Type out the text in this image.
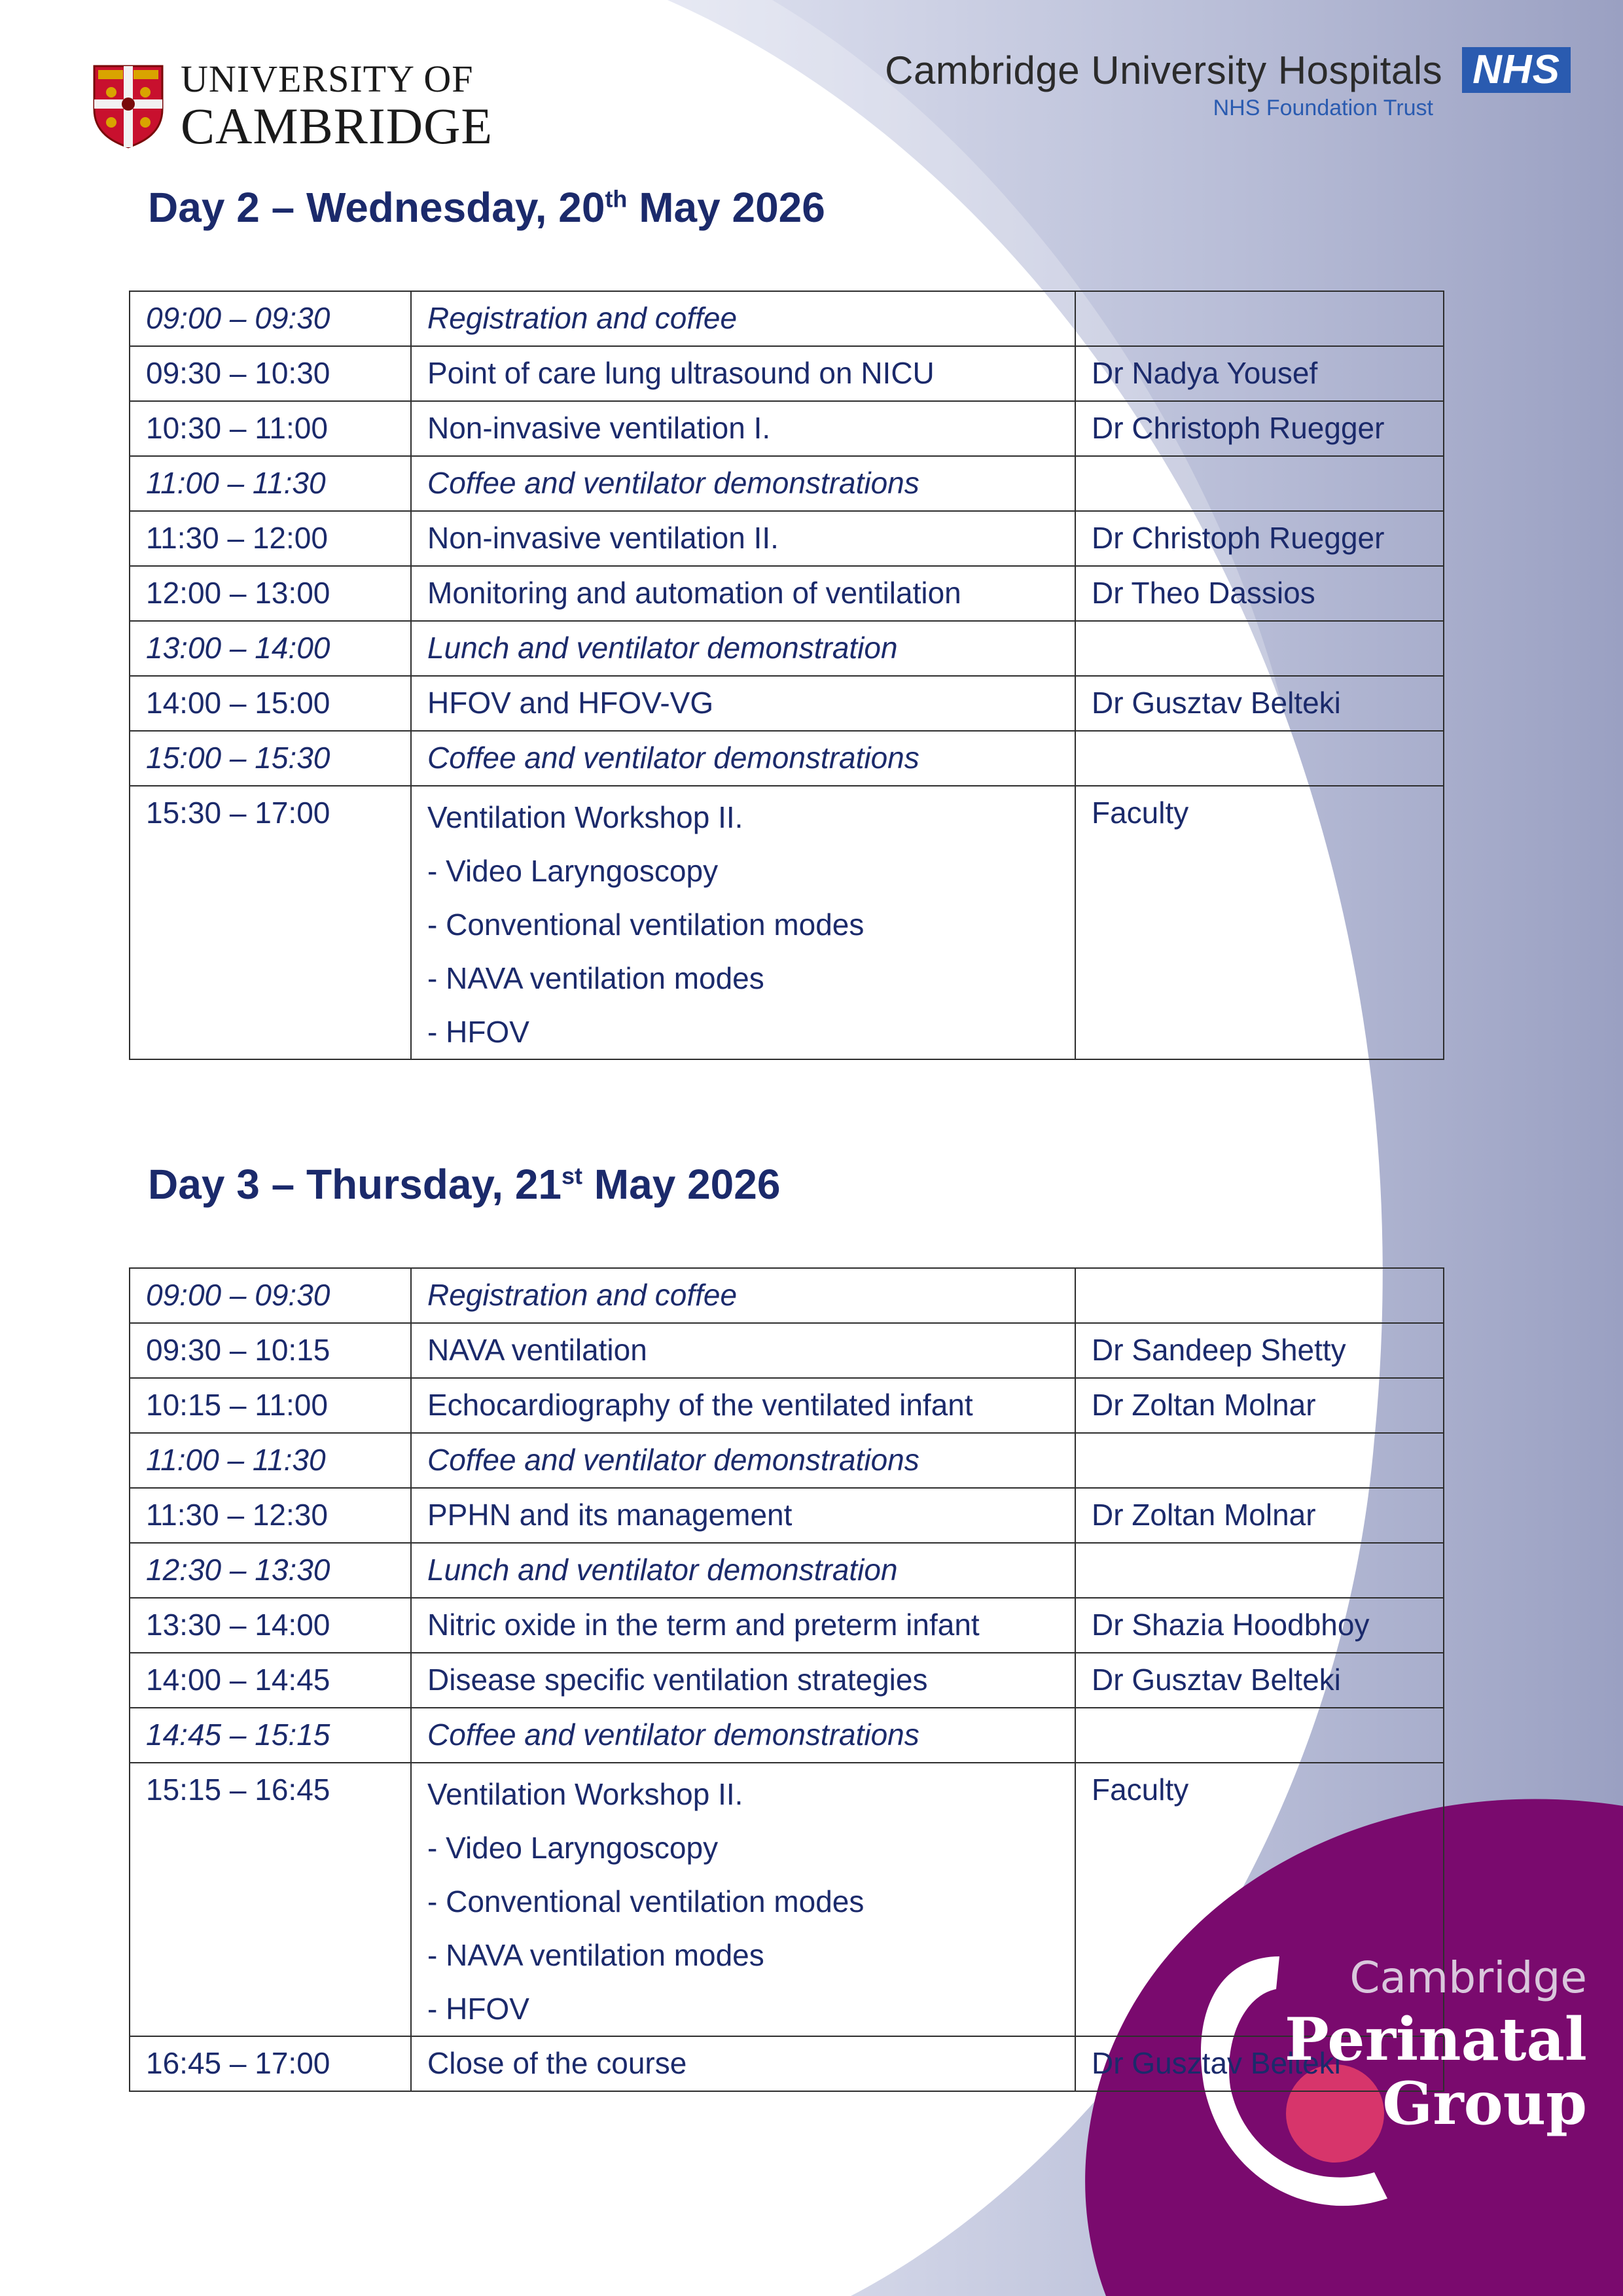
UNIVERSITY OF
CAMBRIDGE
Cambridge University Hospitals NHS
NHS Foundation Trust
Day 2 – Wednesday, 20th May 2026
09:00 – 09:30	Registration and coffee	
09:30 – 10:30	Point of care lung ultrasound on NICU	Dr Nadya Yousef
10:30 – 11:00	Non-invasive ventilation I.	Dr Christoph Ruegger
11:00 – 11:30	Coffee and ventilator demonstrations	
11:30 – 12:00	Non-invasive ventilation II.	Dr Christoph Ruegger
12:00 – 13:00	Monitoring and automation of ventilation	Dr Theo Dassios
13:00 – 14:00	Lunch and ventilator demonstration	
14:00 – 15:00	HFOV and HFOV-VG	Dr Gusztav Belteki
15:00 – 15:30	Coffee and ventilator demonstrations	
15:30 – 17:00	Ventilation Workshop II.
- Video Laryngoscopy
- Conventional ventilation modes
- NAVA ventilation modes
- HFOV	Faculty
Day 3 – Thursday, 21st May 2026
09:00 – 09:30	Registration and coffee	
09:30 – 10:15	NAVA ventilation	Dr Sandeep Shetty
10:15 – 11:00	Echocardiography of the ventilated infant	Dr Zoltan Molnar
11:00 – 11:30	Coffee and ventilator demonstrations	
11:30 – 12:30	PPHN and its management	Dr Zoltan Molnar
12:30 – 13:30	Lunch and ventilator demonstration	
13:30 – 14:00	Nitric oxide in the term and preterm infant	Dr Shazia Hoodbhoy
14:00 – 14:45	Disease specific ventilation strategies	Dr Gusztav Belteki
14:45 – 15:15	Coffee and ventilator demonstrations	
15:15 – 16:45	Ventilation Workshop II.
- Video Laryngoscopy
- Conventional ventilation modes
- NAVA ventilation modes
- HFOV	Faculty
16:45 – 17:00	Close of the course	Dr Gusztav Belteki
Cambridge
Perinatal
Group
